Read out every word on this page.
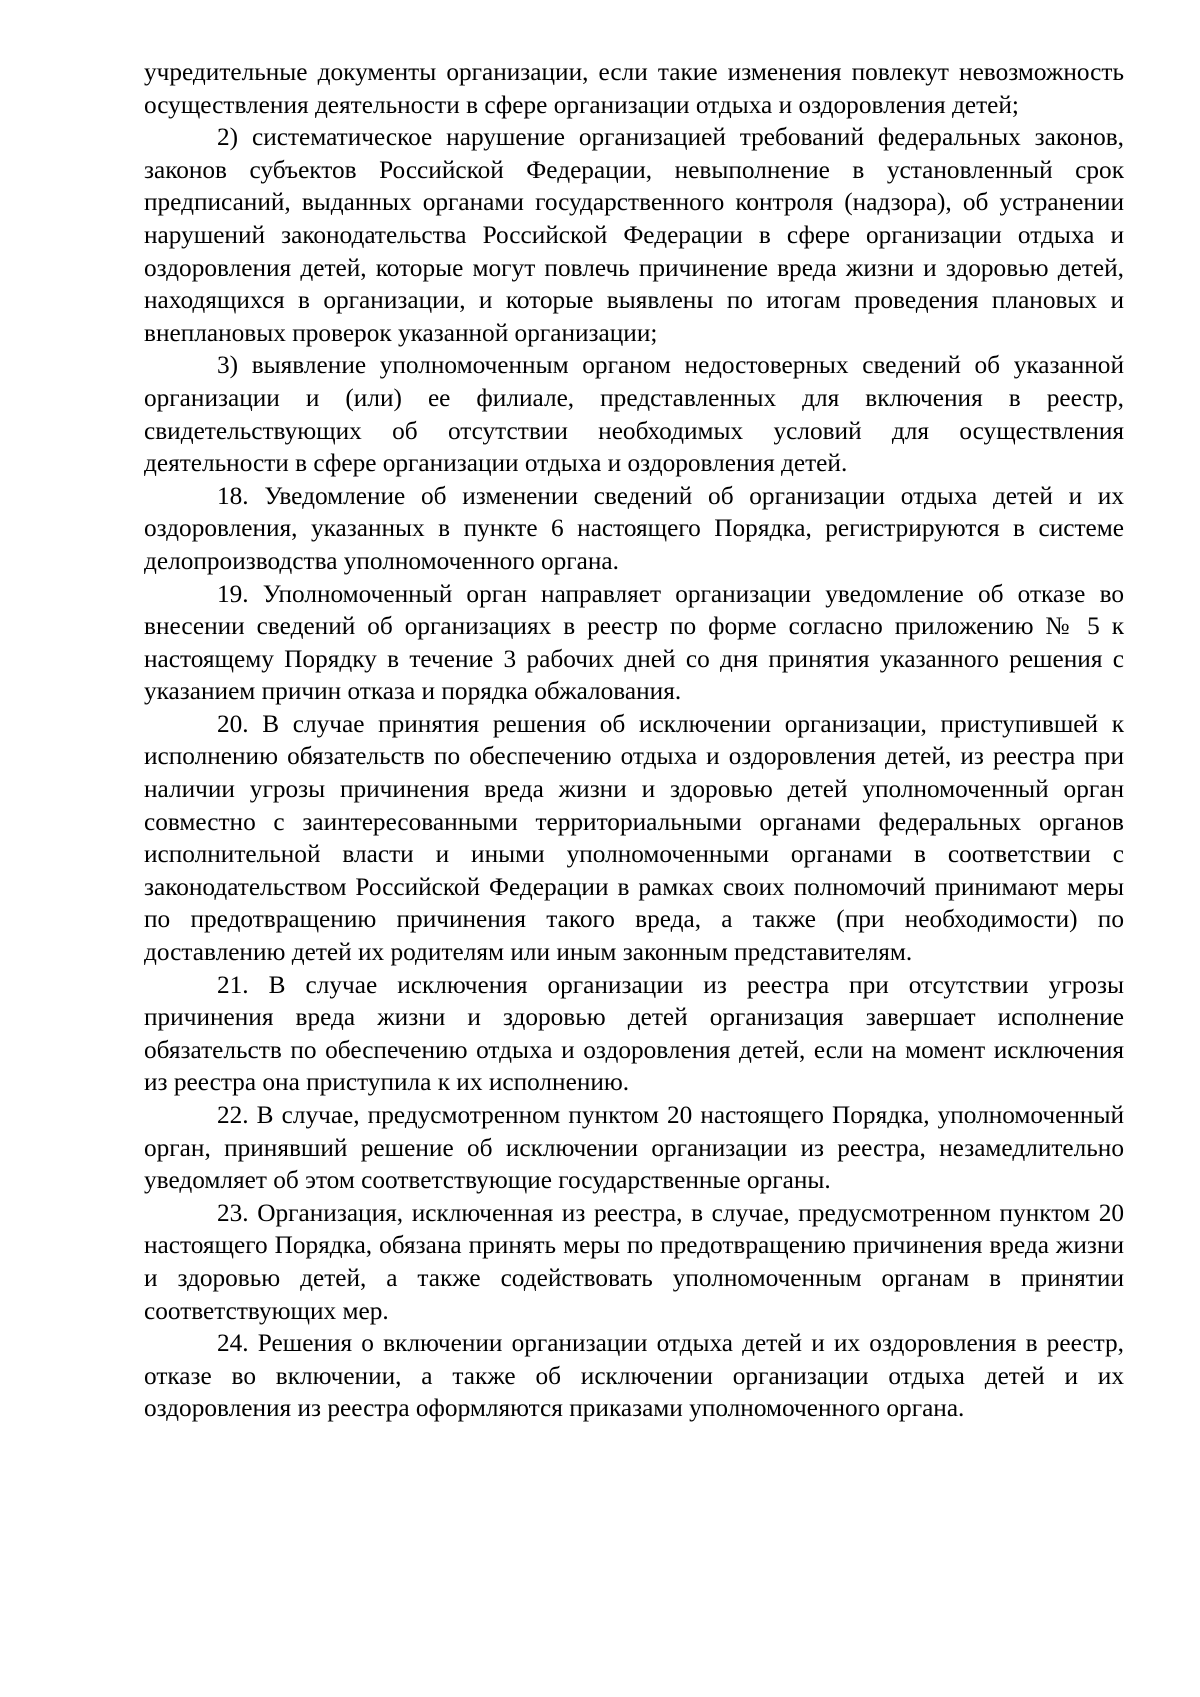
учредительные документы организации, если такие изменения повлекут невозможность осуществления деятельности в сфере организации отдыха и оздоровления детей;

2) систематическое нарушение организацией требований федеральных законов, законов субъектов Российской Федерации, невыполнение в установленный срок предписаний, выданных органами государственного контроля (надзора), об устранении нарушений законодательства Российской Федерации в сфере организации отдыха и оздоровления детей, которые могут повлечь причинение вреда жизни и здоровью детей, находящихся в организации, и которые выявлены по итогам проведения плановых и внеплановых проверок указанной организации;

3) выявление уполномоченным органом недостоверных сведений об указанной организации и (или) ее филиале, представленных для включения в реестр, свидетельствующих об отсутствии необходимых условий для осуществления деятельности в сфере организации отдыха и оздоровления детей.

18. Уведомление об изменении сведений об организации отдыха детей и их оздоровления, указанных в пункте 6 настоящего Порядка, регистрируются в системе делопроизводства уполномоченного органа.

19. Уполномоченный орган направляет организации уведомление об отказе во внесении сведений об организациях в реестр по форме согласно приложению № 5 к настоящему Порядку в течение 3 рабочих дней со дня принятия указанного решения с указанием причин отказа и порядка обжалования.

20. В случае принятия решения об исключении организации, приступившей к исполнению обязательств по обеспечению отдыха и оздоровления детей, из реестра при наличии угрозы причинения вреда жизни и здоровью детей уполномоченный орган совместно с заинтересованными территориальными органами федеральных органов исполнительной власти и иными уполномоченными органами в соответствии с законодательством Российской Федерации в рамках своих полномочий принимают меры по предотвращению причинения такого вреда, а также (при необходимости) по доставлению детей их родителям или иным законным представителям.

21. В случае исключения организации из реестра при отсутствии угрозы причинения вреда жизни и здоровью детей организация завершает исполнение обязательств по обеспечению отдыха и оздоровления детей, если на момент исключения из реестра она приступила к их исполнению.

22. В случае, предусмотренном пунктом 20 настоящего Порядка, уполномоченный орган, принявший решение об исключении организации из реестра, незамедлительно уведомляет об этом соответствующие государственные органы.

23. Организация, исключенная из реестра, в случае, предусмотренном пунктом 20 настоящего Порядка, обязана принять меры по предотвращению причинения вреда жизни и здоровью детей, а также содействовать уполномоченным органам в принятии соответствующих мер.

24. Решения о включении организации отдыха детей и их оздоровления в реестр, отказе во включении, а также об исключении организации отдыха детей и их оздоровления из реестра оформляются приказами уполномоченного органа.
